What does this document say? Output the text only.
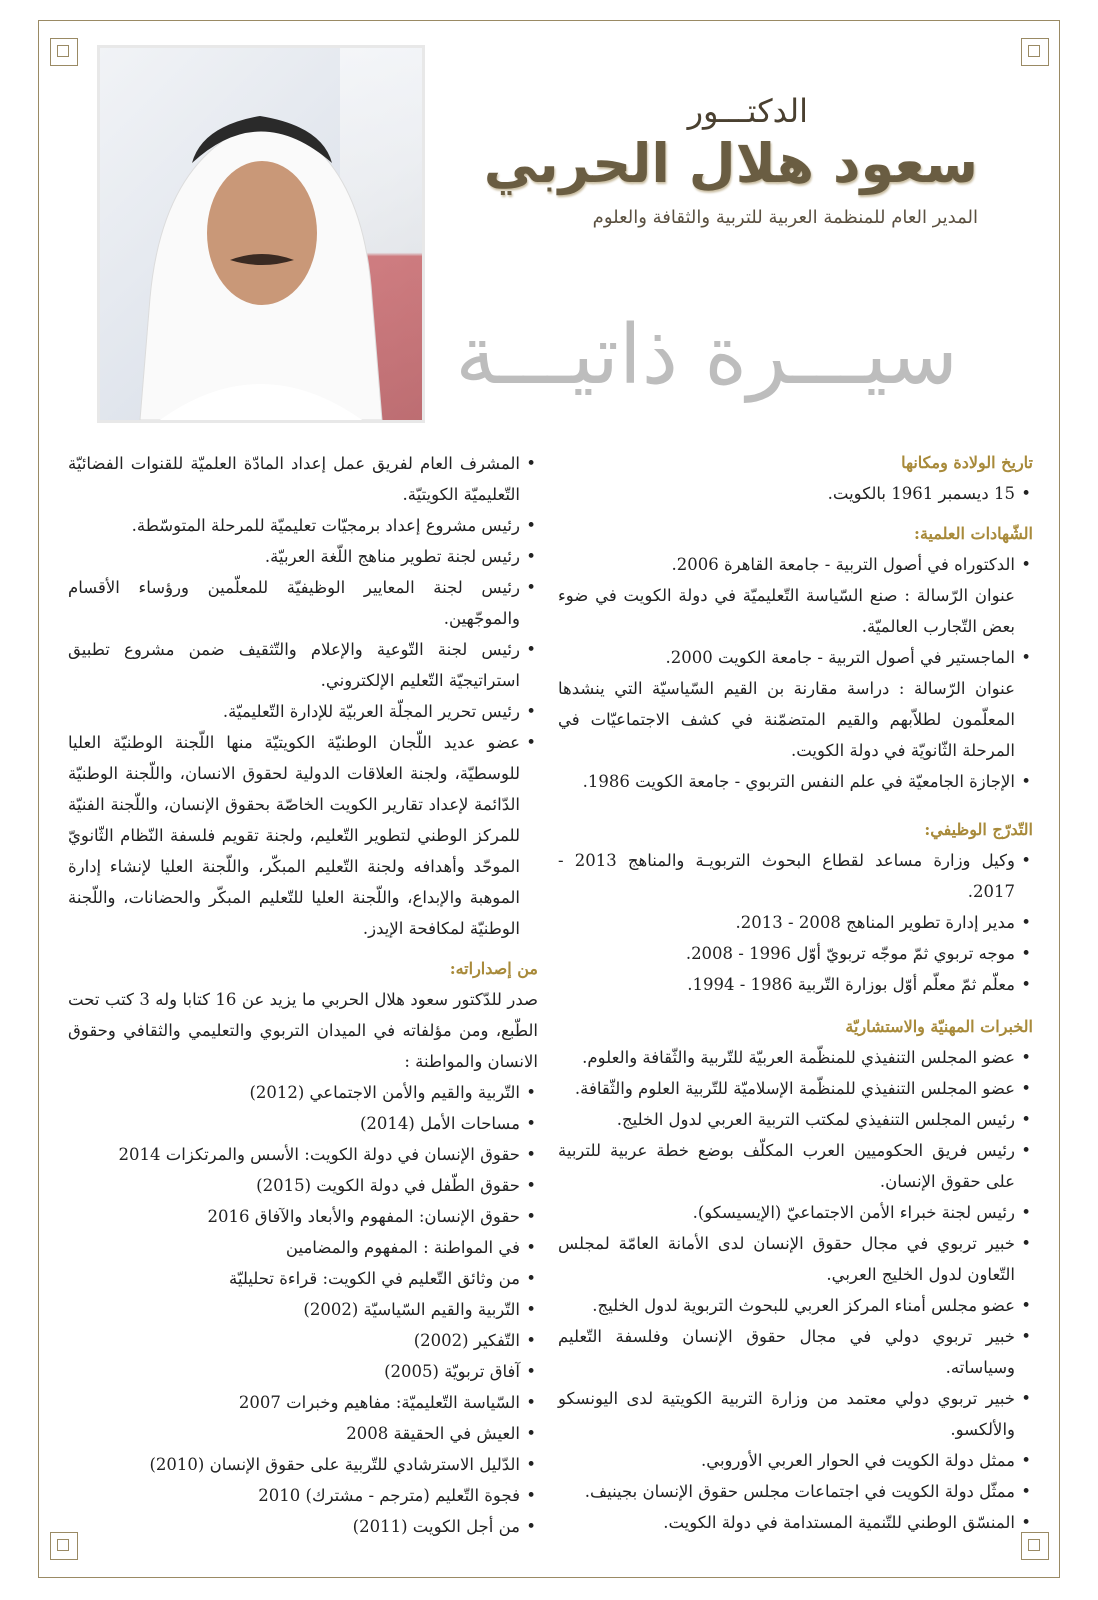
الدكتـــور
سعود هلال الحربي
المدير العام للمنظمة العربية للتربية والثقافة والعلوم
سيـــرة ذاتيـــة
تاريخ الولادة ومكانها
• 15 ديسمبر 1961 بالكويت.
الشّهادات العلمية:
• الدكتوراه في أصول التربية - جامعة القاهرة 2006.
عنوان الرّسالة : صنع السّياسة التّعليميّة في دولة الكويت في ضوء بعض التّجارب العالميّة.
• الماجستير في أصول التربية - جامعة الكويت 2000.
عنوان الرّسالة : دراسة مقارنة بن القيم السّياسيّة التي ينشدها المعلّمون لطلاّبهم والقيم المتضمّنة في كشف الاجتماعيّات في المرحلة الثّانويّة في دولة الكويت.
• الإجازة الجامعيّة في علم النفس التربوي - جامعة الكويت 1986.
التّدرّج الوظيفي:
• وكيل وزارة مساعد لقطاع البحوث التربويـة والمناهج 2013 - 2017.
• مدير إدارة تطوير المناهج 2008 - 2013.
• موجه تربوي ثمّ موجّه تربويّ أوّل 1996 - 2008.
• معلّم ثمّ معلّم أوّل بوزارة التّربية 1986 - 1994.
الخبرات المهنيّة والاستشاريّة
• عضو المجلس التنفيذي للمنظّمة العربيّة للتّربية والثّقافة والعلوم.
• عضو المجلس التنفيذي للمنظّمة الإسلاميّة للتّربية العلوم والثّقافة.
• رئيس المجلس التنفيذي لمكتب التربية العربي لدول الخليج.
• رئيس فريق الحكوميين العرب المكلّف بوضع خطة عربية للتربية على حقوق الإنسان.
• رئيس لجنة خبراء الأمن الاجتماعيّ (الإيسيسكو).
• خبير تربوي في مجال حقوق الإنسان لدى الأمانة العامّة لمجلس التّعاون لدول الخليج العربي.
• عضو مجلس أمناء المركز العربي للبحوث التربوية لدول الخليج.
• خبير تربوي دولي في مجال حقوق الإنسان وفلسفة التّعليم وسياساته.
• خبير تربوي دولي معتمد من وزارة التربية الكويتية لدى اليونسكو والألكسو.
• ممثل دولة الكويت في الحوار العربي الأوروبي.
• ممثّل دولة الكويت في اجتماعات مجلس حقوق الإنسان بجينيف.
• المنسّق الوطني للتّنمية المستدامة في دولة الكويت.
• المشرف العام لفريق عمل إعداد المادّة العلميّة للقنوات الفضائيّة التّعليميّة الكويتيّة.
• رئيس مشروع إعداد برمجيّات تعليميّة للمرحلة المتوسّطة.
• رئيس لجنة تطوير مناهج اللّغة العربيّة.
• رئيس لجنة المعايير الوظيفيّة للمعلّمين ورؤساء الأقسام والموجّهين.
• رئيس لجنة التّوعية والإعلام والتّثقيف ضمن مشروع تطبيق استراتيجيّة التّعليم الإلكتروني.
• رئيس تحرير المجلّة العربيّة للإدارة التّعليميّة.
• عضو عديد اللّجان الوطنيّة الكويتيّة منها اللّجنة الوطنيّة العليا للوسطيّة، ولجنة العلاقات الدولية لحقوق الانسان، واللّجنة الوطنيّة الدّائمة لإعداد تقارير الكويت الخاصّة بحقوق الإنسان، واللّجنة الفنيّة للمركز الوطني لتطوير التّعليم، ولجنة تقويم فلسفة النّظام الثّانويّ الموحّد وأهدافه ولجنة التّعليم المبكّر، واللّجنة العليا لإنشاء إدارة الموهبة والإبداع، واللّجنة العليا للتّعليم المبكّر والحضانات، واللّجنة الوطنيّة لمكافحة الإيدز.
من إصداراته:

صدر للدّكتور سعود هلال الحربي ما يزيد عن 16 كتابا وله 3 كتب تحت الطّبع، ومن مؤلفاته في الميدان التربوي والتعليمي والثقافي وحقوق الانسان والمواطنة :

• التّربية والقيم والأمن الاجتماعي (2012)
• مساحات الأمل (2014)
• حقوق الإنسان في دولة الكويت: الأسس والمرتكزات 2014
• حقوق الطّفل في دولة الكويت (2015)
• حقوق الإنسان: المفهوم والأبعاد والآفاق 2016
• في المواطنة : المفهوم والمضامين
• من وثائق التّعليم في الكويت: قراءة تحليليّة
• التّربية والقيم السّياسيّة (2002)
• التّفكير (2002)
• آفاق تربويّة (2005)
• السّياسة التّعليميّة: مفاهيم وخبرات 2007
• العيش في الحقيقة 2008
• الدّليل الاسترشادي للتّربية على حقوق الإنسان (2010)
• فجوة التّعليم (مترجم - مشترك) 2010
• من أجل الكويت (2011)
